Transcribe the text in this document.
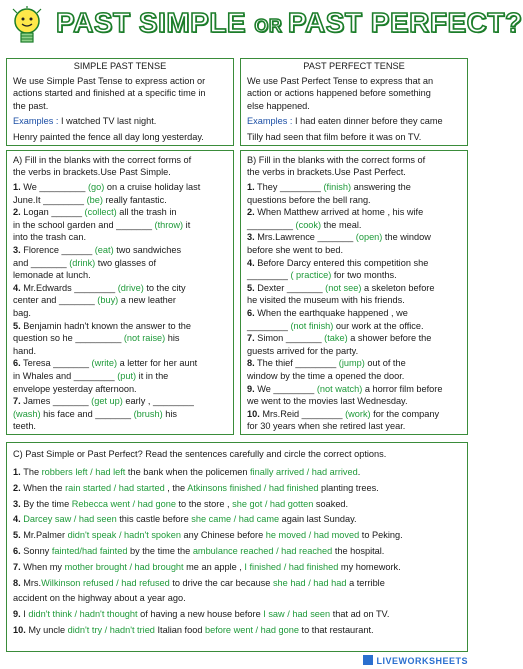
PAST SIMPLE OR PAST PERFECT?
SIMPLE PAST TENSE
We use Simple Past Tense to express action or
actions started and finished at a specific time in
the past.
Examples : I watched TV last night.
Henry painted the fence all day long yesterday.
PAST PERFECT TENSE
We use Past Perfect Tense to express that an
action or actions happened before something
else happened.
Examples : I had eaten dinner before they came
Tilly had seen that film before it was on TV.
A) Fill in the blanks with the correct forms of
the verbs in brackets.Use Past Simple.
1. We _________ (go) on a cruise holiday last
June.It ________ (be) really fantastic.
2. Logan ______ (collect) all the trash in
in the school garden and _______ (throw) it
into the trash can.
3. Florence ______ (eat) two sandwiches
and _______ (drink) two glasses of
lemonade at lunch.
4. Mr.Edwards ________ (drive) to the city
center and _______ (buy) a new leather
bag.
5. Benjamin hadn't known the answer to the
question so he _________ (not raise) his
hand.
6. Teresa _______ (write) a letter for her aunt
in Whales and ________ (put) it in the
envelope yesterday afternoon.
7. James _______ (get up) early , ________
(wash) his face and _______ (brush) his
teeth.
B) Fill in the blanks with the correct forms of
the verbs in brackets.Use Past Perfect.
1. They ________ (finish) answering the
questions before the bell rang.
2. When Matthew arrived at home , his wife
_________ (cook) the meal.
3. Mrs.Lawrence _______ (open) the window
before she went to bed.
4. Before Darcy entered this competition she
________ ( practice) for two months.
5. Dexter _______ (not see) a skeleton before
he visited the museum with his friends.
6. When the earthquake happened , we
________ (not finish) our work at the office.
7. Simon _______ (take) a shower before the
guests arrived for the party.
8. The thief ________ (jump) out of the
window by the time a opened the door.
9. We ________ (not watch) a horror film before
we went to the movies last Wednesday.
10. Mrs.Reid ________ (work) for the company
for 30 years when she retired last year.
C) Past Simple or Past Perfect? Read the sentences carefully and circle the correct options.
1. The robbers left / had left the bank when the policemen finally arrived / had arrived.
2. When the rain started / had started , the Atkinsons finished / had finished planting trees.
3. By the time Rebecca went / had gone to the store , she got / had gotten soaked.
4. Darcey saw / had seen this castle before she came / had came again last Sunday.
5. Mr.Palmer didn't speak / hadn't spoken any Chinese before he moved / had moved to Peking.
6. Sonny fainted/had fainted by the time the ambulance reached / had reached the hospital.
7. When my mother brought / had brought me an apple , I finished / had finished my homework.
8. Mrs.Wilkinson refused / had refused to drive the car because she had / had had a terrible
accident on the highway about a year ago.
9. I didn't think / hadn't thought of having a new house before I saw / had seen that ad on TV.
10. My uncle didn't try / hadn't tried Italian food before went / had gone to that restaurant.
LIVEWORKSHEETS
